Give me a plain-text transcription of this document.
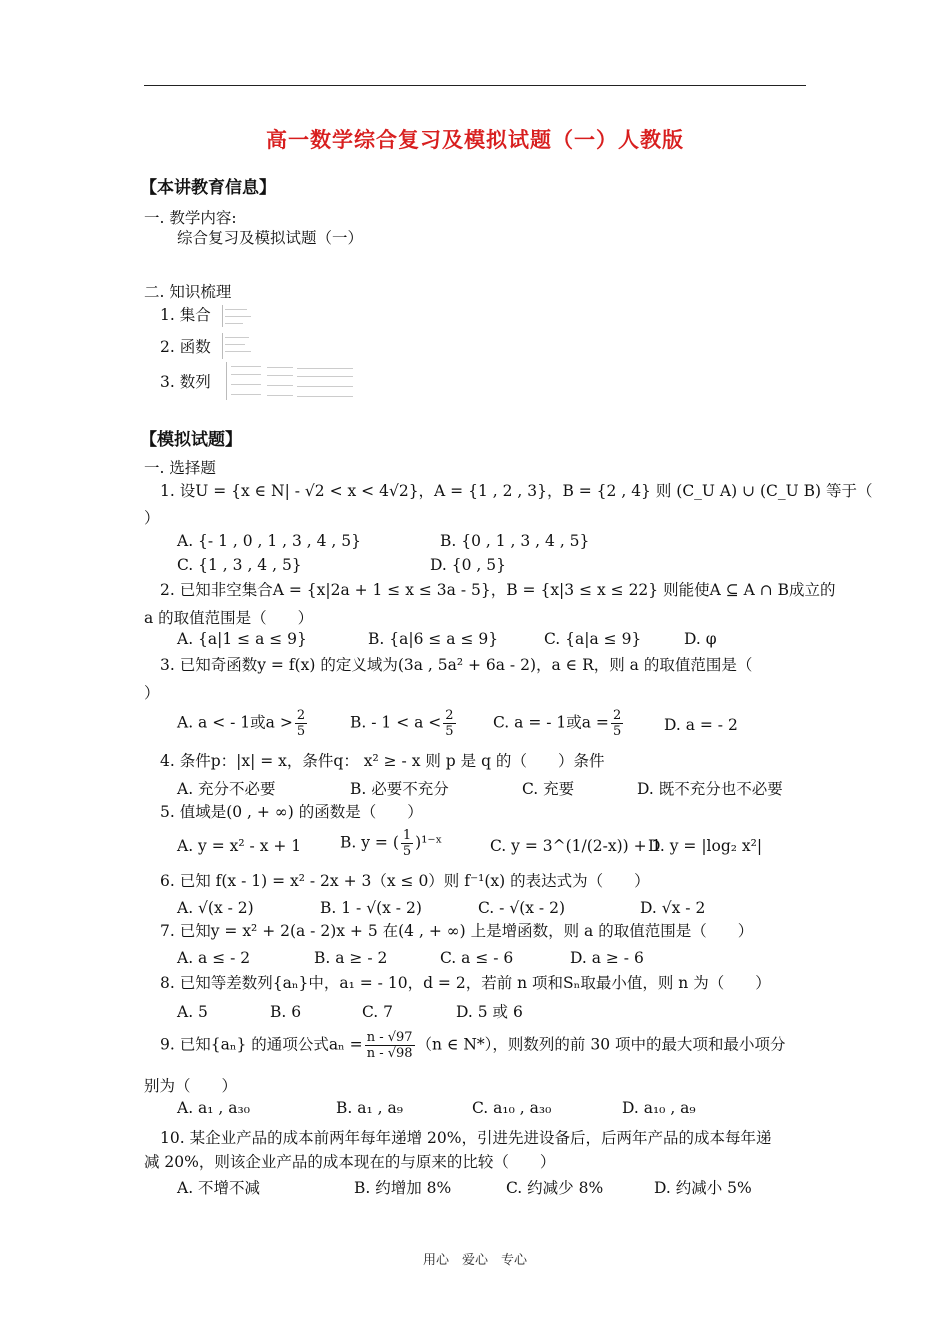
高一数学综合复习及模拟试题（一）人教版
【本讲教育信息】
一. 教学内容:
综合复习及模拟试题（一）
二. 知识梳理
1. 集合
2. 函数
3. 数列
【模拟试题】
一. 选择题
1. 设U = {x ∈ N| - √2 < x < 4√2}，A = {1 , 2 , 3}，B = {2 , 4} 则 (C_U A) ∪ (C_U B) 等于（
）
A. {- 1 , 0 , 1 , 3 , 4 , 5}	B. {0 , 1 , 3 , 4 , 5}
C. {1 , 3 , 4 , 5}	D. {0 , 5}
2. 已知非空集合A = {x|2a + 1 ≤ x ≤ 3a - 5}，B = {x|3 ≤ x ≤ 22} 则能使A ⊆ A ∩ B成立的
a 的取值范围是（　　）
A. {a|1 ≤ a ≤ 9}	B. {a|6 ≤ a ≤ 9}	C. {a|a ≤ 9}	D. φ
3. 已知奇函数y = f(x) 的定义域为(3a , 5a² + 6a - 2)，a ∈ R，则 a 的取值范围是（
）
A. a < - 1或$a > \frac{2}{5}$	B. - $1 < a < \frac{2}{5} C$. a = - 1或$a = \frac{2}{5}$	D. a = - 2
4. 条件p：|x| = x，条件q： x² ≥ - x 则 p 是 q 的（　　）条件
A. 充分不必要	B. 必要不充分	C. 充要	D. 既不充分也不必要
5. 值域是(0 , + ∞) 的函数是（　　）
A. y = x² - x + 1	B. y = ( $\frac{1}{5}$ )¹⁻ˣ	C. y = 3^(1/(2-x)) + 1
D. y = |log₂ x²|
6. 已知 f(x - 1) = x² - 2x + 3（x ≤ 0）则 f⁻¹(x) 的表达式为（　　）
A. √(x - 2)	B. 1 - √(x - 2)	C. - √(x - 2)	D. √x - 2
7. 已知y = x² + 2(a - 2)x + 5 在(4 , + ∞) 上是增函数，则 a 的取值范围是（　　）
A. a ≤ - 2	B. a ≥ - 2	C. a ≤ - 6	D. a ≥ - 6
8. 已知等差数列{aₙ}中，a₁ = - 10，d = 2，若前 n 项和Sₙ取最小值，则 n 为（　　）
A. 5	B. 6	C. 7	D. 5 或 6
9. 已知{aₙ} 的通项公式$a_n = \frac{n - √97}{n - √98} (n$ ∈ N*），则数列的前 30 项中的最大项和最小项分
别为（　　）
A. a₁ , a₃₀	B. a₁ , a₉	C. a₁₀ , a₃₀	D. a₁₀ , a₉
10. 某企业产品的成本前两年每年递增 20%，引进先进设备后，后两年产品的成本每年递
减 20%，则该企业产品的成本现在的与原来的比较（　　）
A. 不增不减	B. 约增加 8%	C. 约减少 8%	D. 约减小 5%
用心　爱心　专心
